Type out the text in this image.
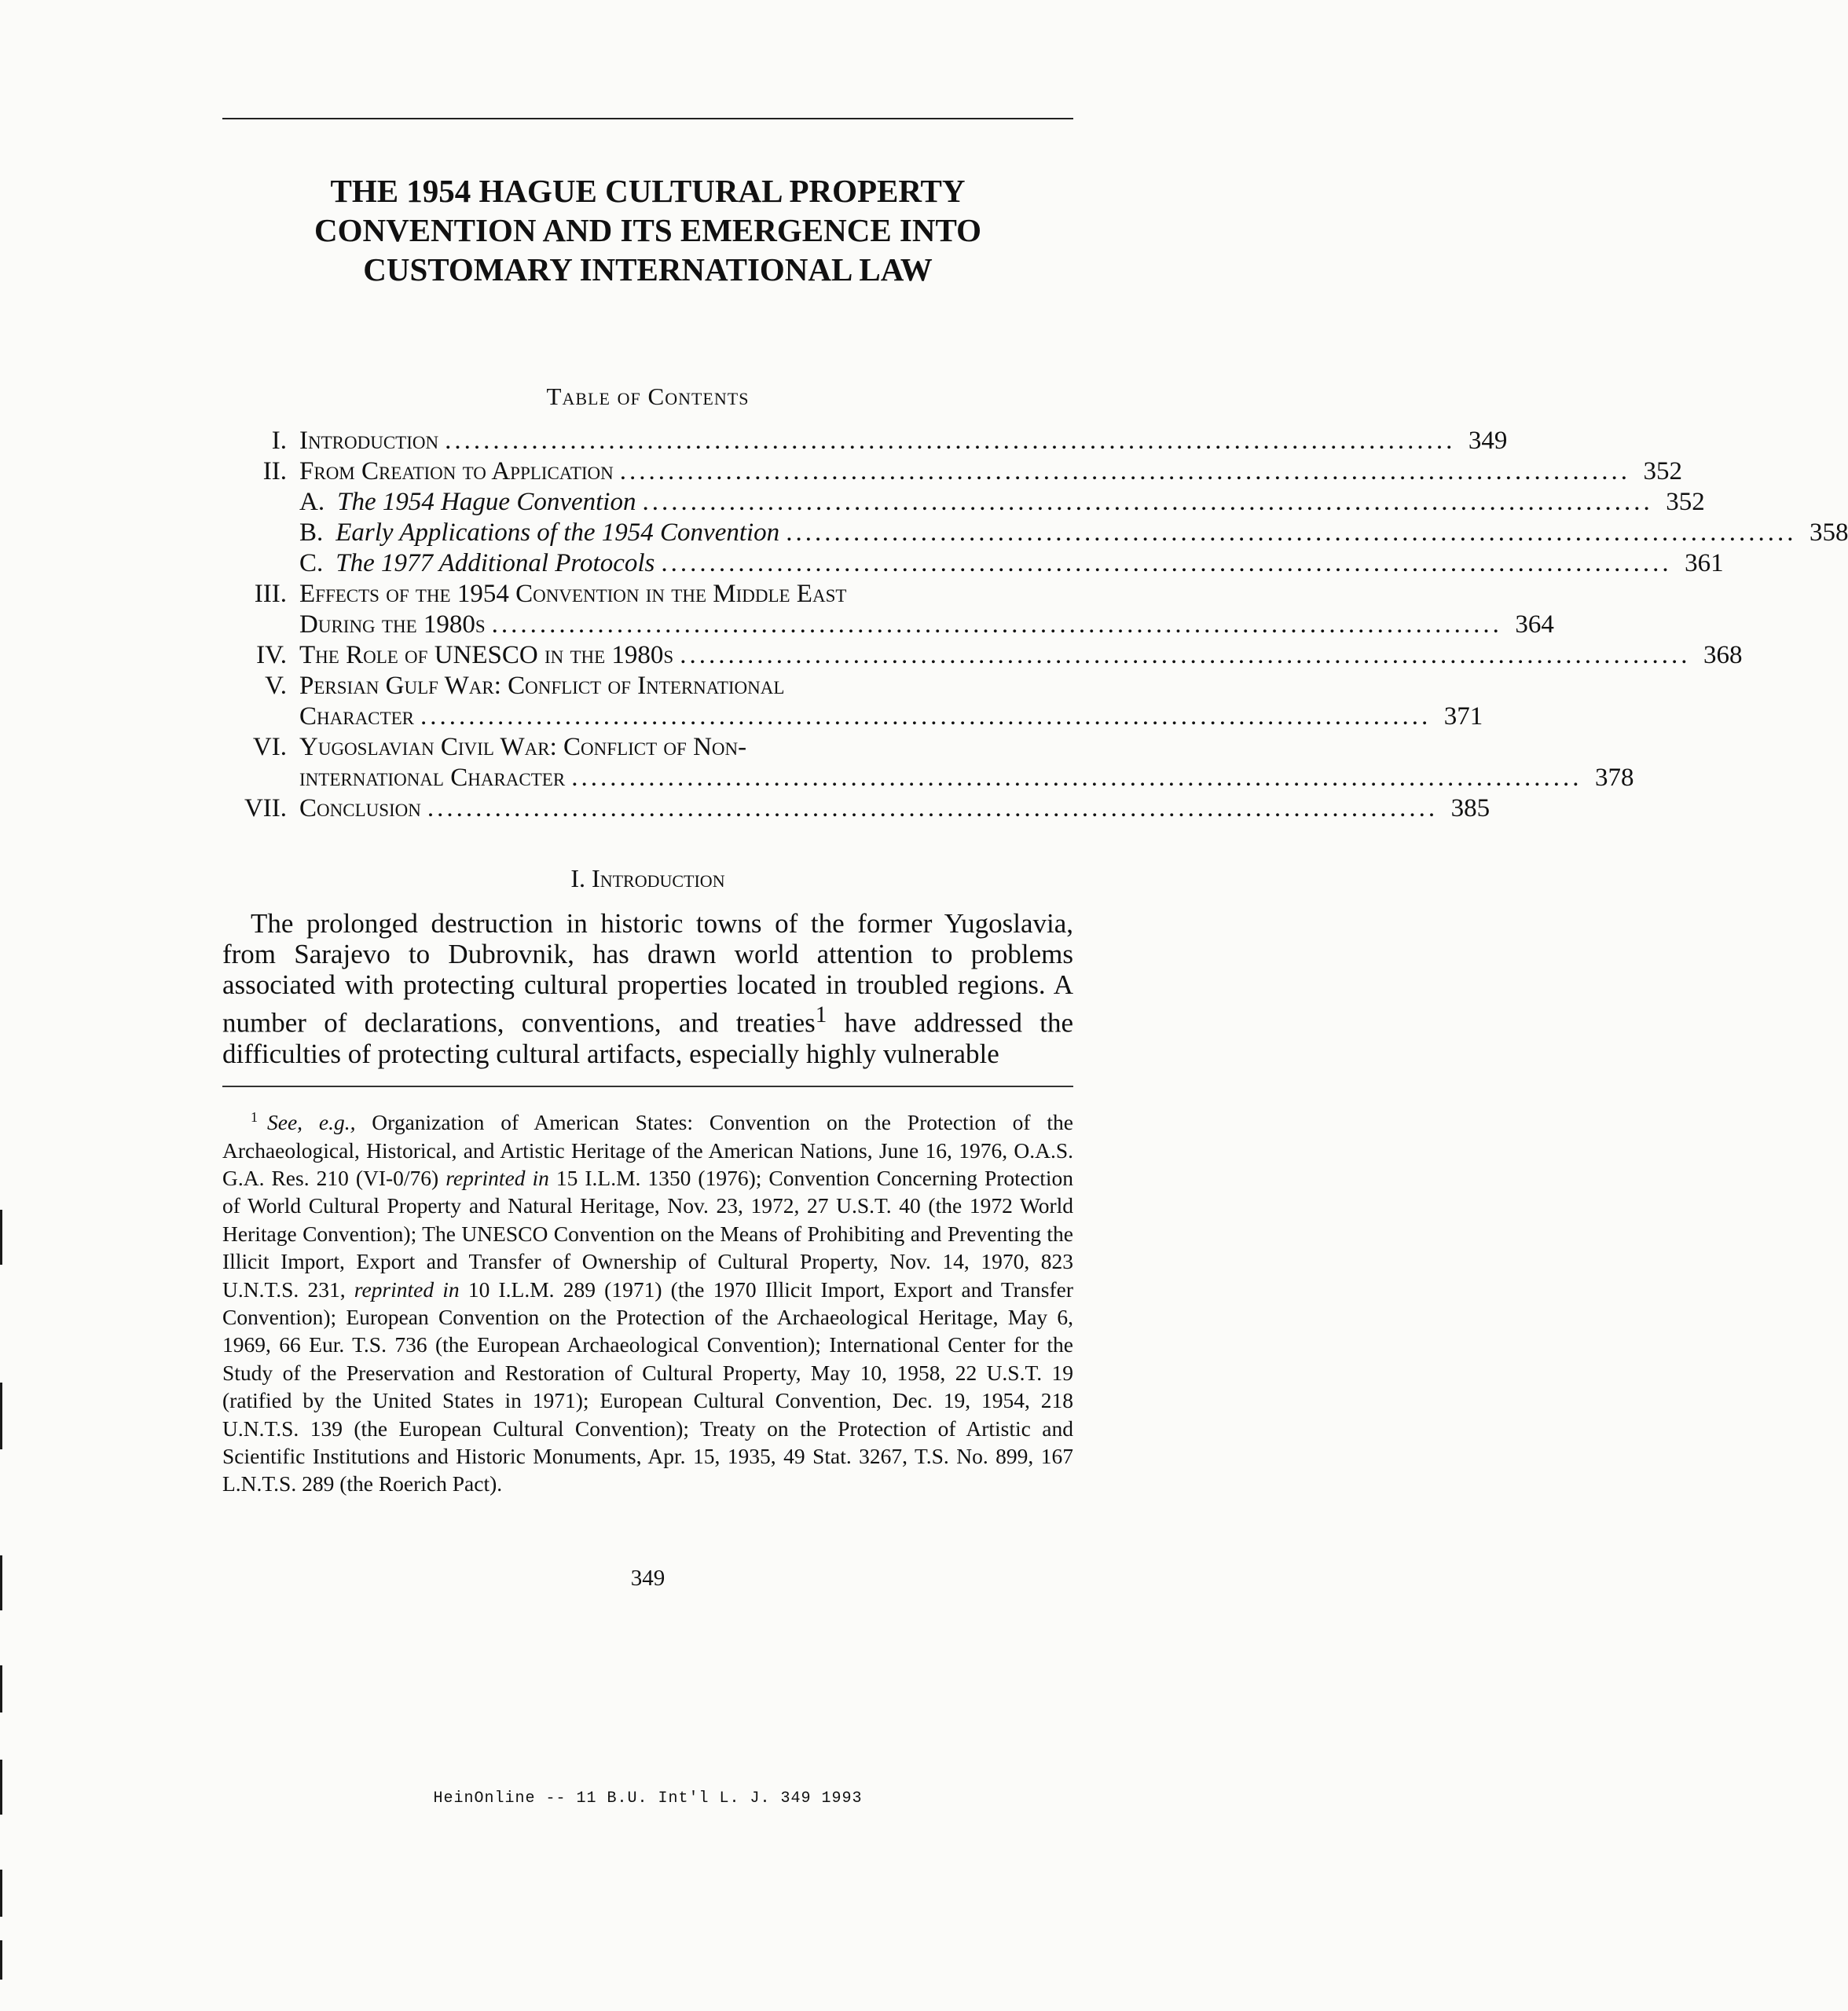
THE 1954 HAGUE CULTURAL PROPERTY
CONVENTION AND ITS EMERGENCE INTO
CUSTOMARY INTERNATIONAL LAW
Table of Contents
I. Introduction ......................................................................................................... 349
II. From Creation to Application ......................................................................................................... 352
A. The 1954 Hague Convention ......................................................................................................... 352
B. Early Applications of the 1954 Convention ......................................................................................................... 358
C. The 1977 Additional Protocols ......................................................................................................... 361
III. Effects of the 1954 Convention in the Middle East
During the 1980s ......................................................................................................... 364
IV. The Role of UNESCO in the 1980s ......................................................................................................... 368
V. Persian Gulf War: Conflict of International
Character ......................................................................................................... 371
VI. Yugoslavian Civil War: Conflict of Non-
international Character ......................................................................................................... 378
VII. Conclusion ......................................................................................................... 385
I. Introduction

The prolonged destruction in historic towns of the former Yugoslavia, from Sarajevo to Dubrovnik, has drawn world attention to problems associated with protecting cultural properties located in troubled regions. A number of declarations, conventions, and treaties$^1$ have addressed the difficulties of protecting cultural artifacts, especially highly vulnerable

$^1$ See, e.g., Organization of American States: Convention on the Protection of the Archaeological, Historical, and Artistic Heritage of the American Nations, June 16, 1976, O.A.S. G.A. Res. 210 (VI-0/76) reprinted in 15 I.L.M. 1350 (1976); Convention Concerning Protection of World Cultural Property and Natural Heritage, Nov. 23, 1972, 27 U.S.T. 40 (the 1972 World Heritage Convention); The UNESCO Convention on the Means of Prohibiting and Preventing the Illicit Import, Export and Transfer of Ownership of Cultural Property, Nov. 14, 1970, 823 U.N.T.S. 231, reprinted in 10 I.L.M. 289 (1971) (the 1970 Illicit Import, Export and Transfer Convention); European Convention on the Protection of the Archaeological Heritage, May 6, 1969, 66 Eur. T.S. 736 (the European Archaeological Convention); International Center for the Study of the Preservation and Restoration of Cultural Property, May 10, 1958, 22 U.S.T. 19 (ratified by the United States in 1971); European Cultural Convention, Dec. 19, 1954, 218 U.N.T.S. 139 (the European Cultural Convention); Treaty on the Protection of Artistic and Scientific Institutions and Historic Monuments, Apr. 15, 1935, 49 Stat. 3267, T.S. No. 899, 167 L.N.T.S. 289 (the Roerich Pact).

349
HeinOnline -- 11 B.U. Int'l L. J. 349 1993
